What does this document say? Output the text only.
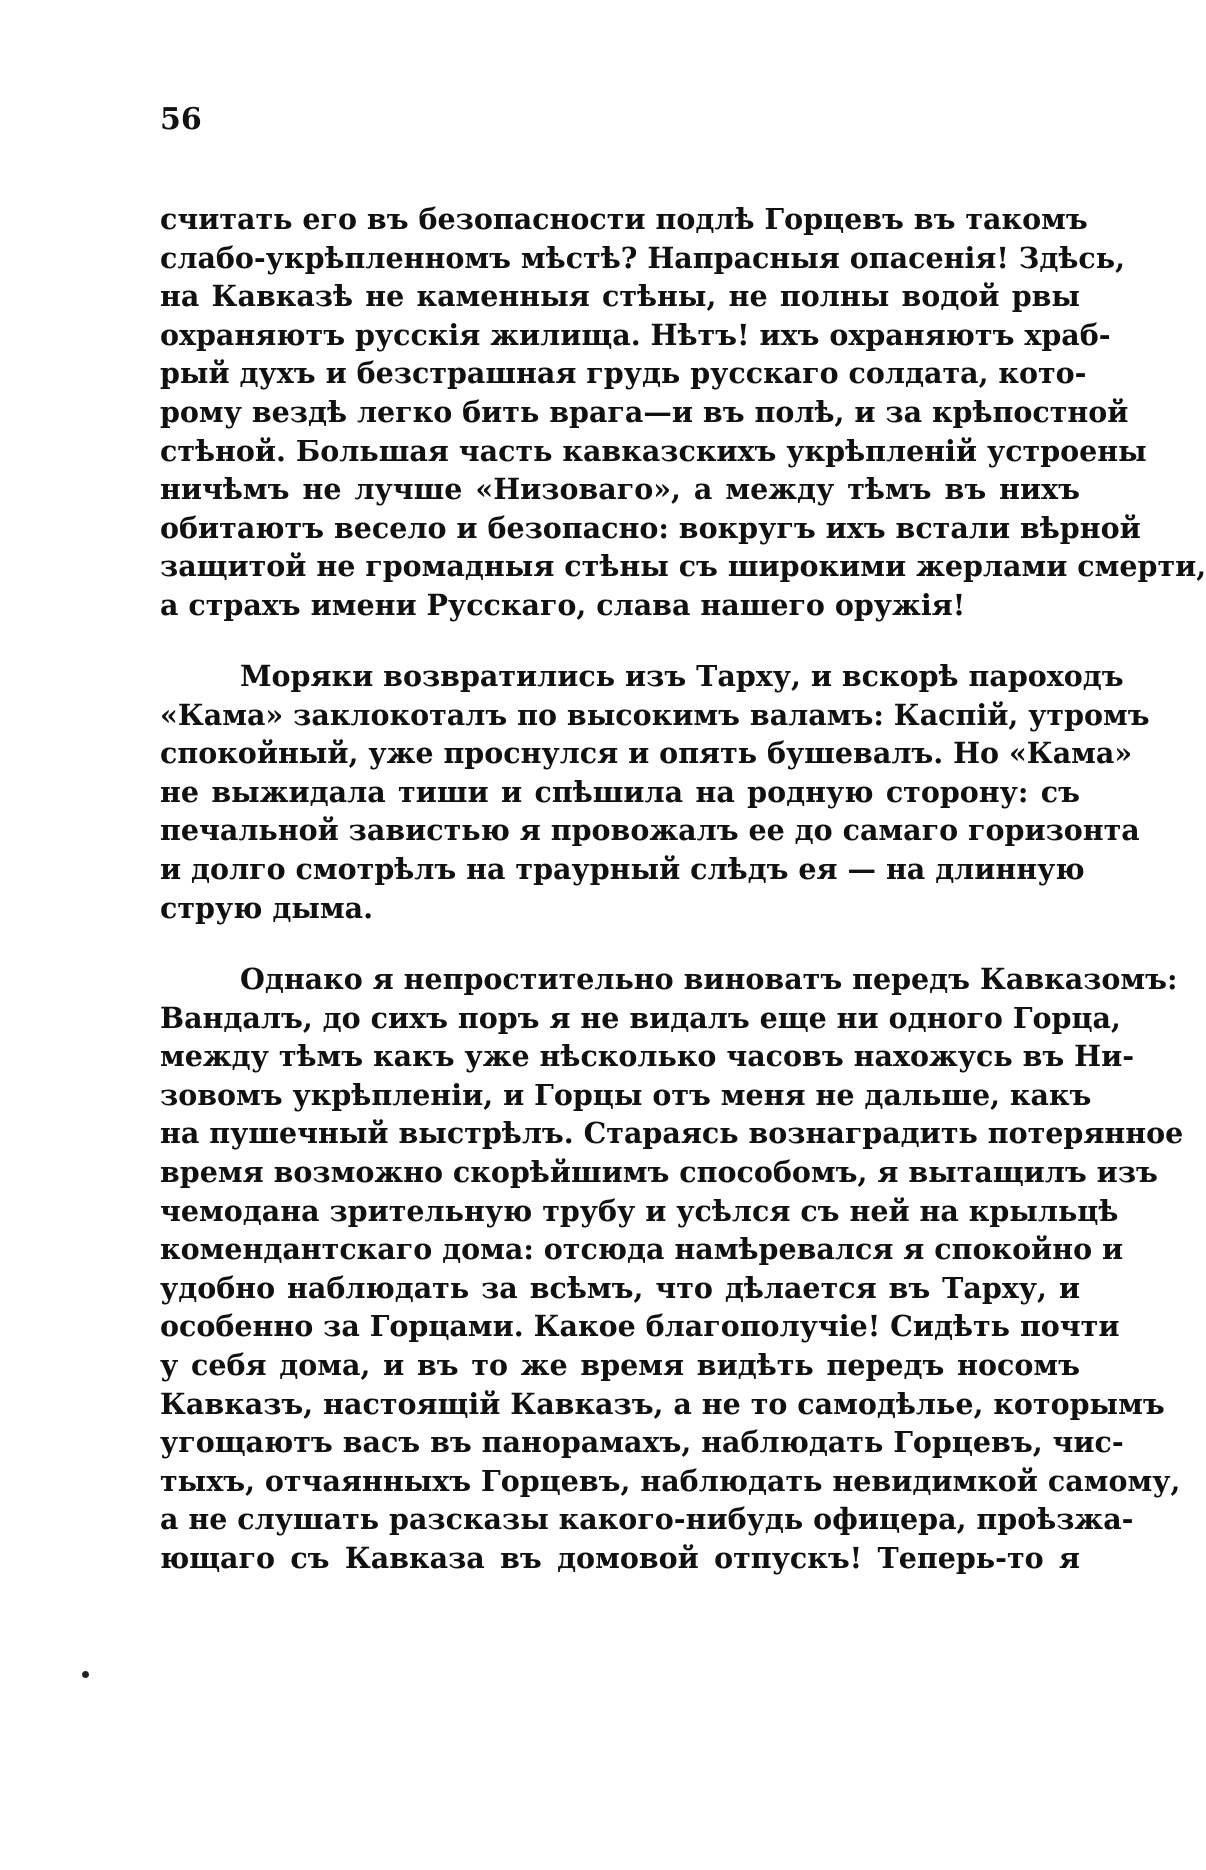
56
считать его въ безопасности подлѣ Горцевъ въ такомъ
слабо-укрѣпленномъ мѣстѣ? Напрасныя опасенія! Здѣсь,
на Кавказѣ не каменныя стѣны, не полны водой рвы
охраняютъ русскія жилища. Нѣтъ! ихъ охраняютъ храб-
рый духъ и безстрашная грудь русскаго солдата, кото-
рому вездѣ легко бить врага—и въ полѣ, и за крѣпостной
стѣной. Большая часть кавказскихъ укрѣпленій устроены
ничѣмъ не лучше «Низоваго», а между тѣмъ въ нихъ
обитаютъ весело и безопасно: вокругъ ихъ встали вѣрной
защитой не громадныя стѣны съ широкими жерлами смерти,
а страхъ имени Русскаго, слава нашего оружія!
Моряки возвратились изъ Тарху, и вскорѣ пароходъ
«Кама» заклокоталъ по высокимъ валамъ: Каспій, утромъ
спокойный, уже проснулся и опять бушевалъ. Но «Кама»
не выжидала тиши и спѣшила на родную сторону: съ
печальной завистью я провожалъ ее до самаго горизонта
и долго смотрѣлъ на траурный слѣдъ ея — на длинную
струю дыма.
Однако я непростительно виноватъ передъ Кавказомъ:
Вандалъ, до сихъ поръ я не видалъ еще ни одного Горца,
между тѣмъ какъ уже нѣсколько часовъ нахожусь въ Ни-
зовомъ укрѣпленіи, и Горцы отъ меня не дальше, какъ
на пушечный выстрѣлъ. Стараясь вознаградить потерянное
время возможно скорѣйшимъ способомъ, я вытащилъ изъ
чемодана зрительную трубу и усѣлся съ ней на крыльцѣ
комендантскаго дома: отсюда намѣревался я спокойно и
удобно наблюдать за всѣмъ, что дѣлается въ Тарху, и
особенно за Горцами. Какое благополучіе! Сидѣть почти
у себя дома, и въ то же время видѣть передъ носомъ
Кавказъ, настоящій Кавказъ, а не то самодѣлье, которымъ
угощаютъ васъ въ панорамахъ, наблюдать Горцевъ, чис-
тыхъ, отчаянныхъ Горцевъ, наблюдать невидимкой самому,
а не слушать разсказы какого-нибудь офицера, проѣзжа-
ющаго съ Кавказа въ домовой отпускъ! Теперь-то я
